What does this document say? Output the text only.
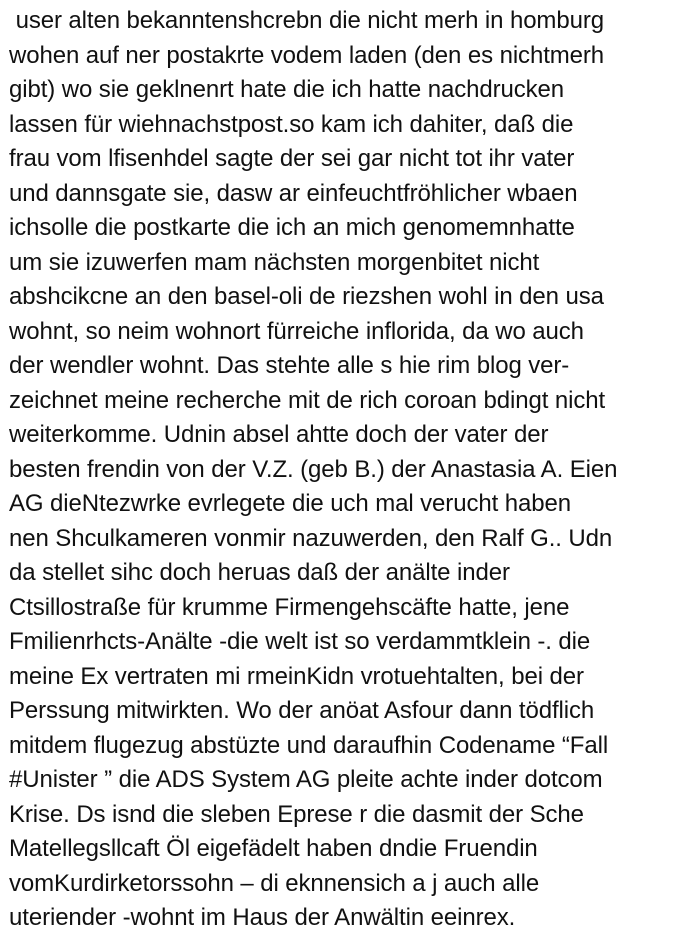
user alten bekanntenshcrebn die nicht merh in homburg
wohen auf ner postakrte vodem laden (den es nichtmerh
gibt) wo sie geklnenrt hate die ich hatte nachdrucken
lassen für wiehnachstpost.so kam ich dahiter, daß die
frau vom lfisenhdel sagte der sei gar nicht tot ihr vater
und dannsgate sie, dasw ar einfeuchtfröhlicher wbaen
ichsolle die postkarte die ich an mich genomemnhatte
um sie izuwerfen mam nächsten morgenbitet nicht
abshcikcne an den basel-oli de riezshen wohl in den usa
wohnt, so neim wohnort fürreiche inflorida, da wo auch
der wendler wohnt. Das stehte alle s hie rim blog ver-
zeichnet meine recherche mit de rich coroan bdingt nicht
weiterkomme. Udnin absel ahtte doch der vater der
besten frendin von der V.Z. (geb B.) der Anastasia A. Eien
AG dieNtezwrke evrlegete die uch mal verucht haben
nen Shculkameren vonmir nazuwerden, den Ralf G.. Udn
da stellet sihc doch heruas daß der anälte inder
Ctsillostraße für krumme Firmengehscäfte hatte, jene
Fmilienrhcts-Anälte -die welt ist so verdammtklein -. die
meine Ex vertraten mi rmeinKidn vrotuehtalten, bei der
Perssung mitwirkten. Wo der anöat Asfour dann tödflich
mitdem flugezug abstüzte und daraufhin Codename “Fall
#Unister ” die ADS System AG pleite achte inder dotcom
Krise. Ds isnd die sleben Eprese r die dasmit der Sche
Matellegsllcaft Öl eigefädelt haben dndie Fruendin
vomKurdirketorssohn – di eknnensich a j auch alle
uteriender -wohnt im Haus der Anwältin eeinrex.
